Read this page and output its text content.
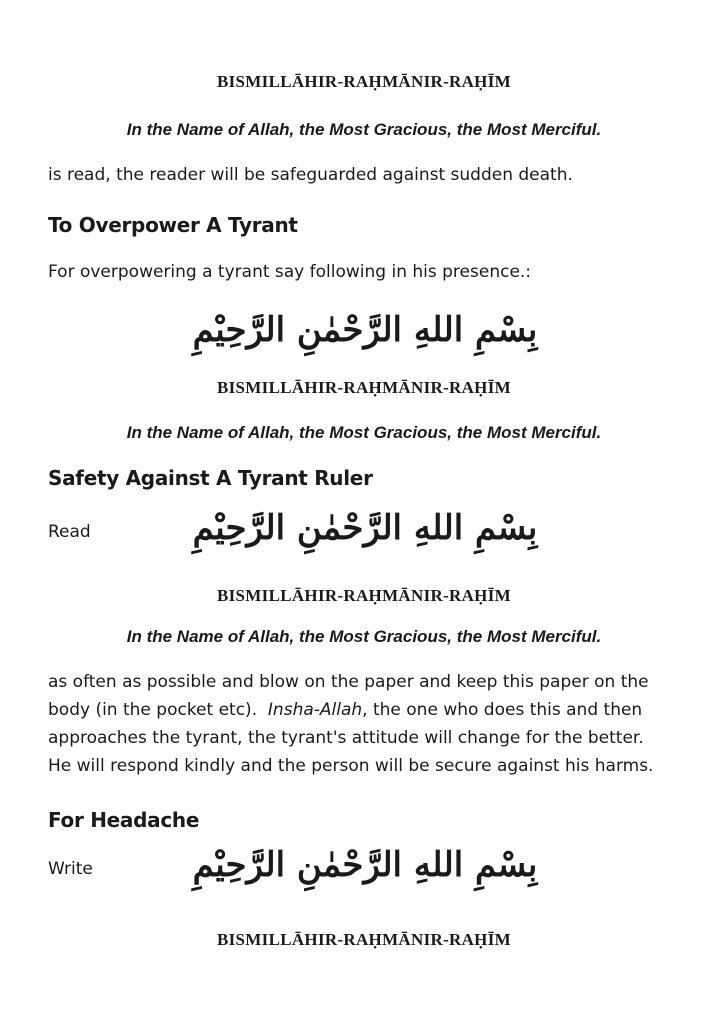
BISMILLĀHIR-RAḤMĀNIR-RAḤĪM
In the Name of Allah, the Most Gracious, the Most Merciful.
is read, the reader will be safeguarded against sudden death.
To Overpower A Tyrant
For overpowering a tyrant say following in his presence.:
بِسْمِ اللهِ الرَّحْمٰنِ الرَّحِيْمِ
BISMILLĀHIR-RAḤMĀNIR-RAḤĪM
In the Name of Allah, the Most Gracious, the Most Merciful.
Safety Against A Tyrant Ruler
Read	بِسْمِ اللهِ الرَّحْمٰنِ الرَّحِيْمِ
BISMILLĀHIR-RAḤMĀNIR-RAḤĪM
In the Name of Allah, the Most Gracious, the Most Merciful.

as often as possible and blow on the paper and keep this paper on the

body (in the pocket etc). Insha-Allah, the one who does this and then

approaches the tyrant, the tyrant's attitude will change for the better.

He will respond kindly and the person will be secure against his harms.

For Headache
Write	بِسْمِ اللهِ الرَّحْمٰنِ الرَّحِيْمِ
BISMILLĀHIR-RAḤMĀNIR-RAḤĪM
